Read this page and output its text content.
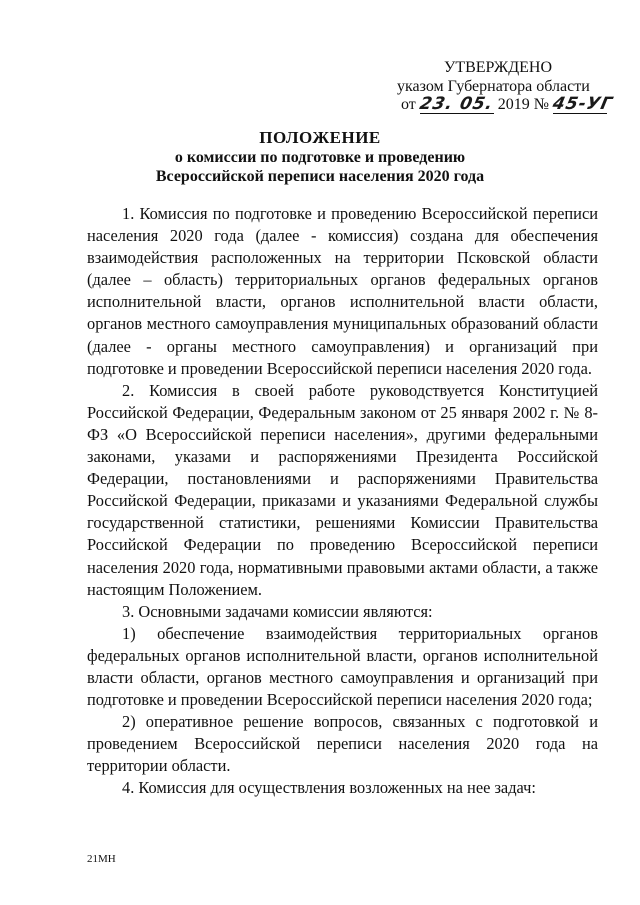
УТВЕРЖДЕНО
указом Губернатора области
от 23. 05. 2019 № 45-УГ
ПОЛОЖЕНИЕ
о комиссии по подготовке и проведению
Всероссийской переписи населения 2020 года

1. Комиссия по подготовке и проведению Всероссийской переписи населения 2020 года (далее - комиссия) создана для обеспечения взаимодействия расположенных на территории Псковской области (далее – область) территориальных органов федеральных органов исполнительной власти, органов исполнительной власти области, органов местного самоуправления муниципальных образований области (далее - органы местного самоуправления) и организаций при подготовке и проведении Всероссийской переписи населения 2020 года.

2. Комиссия в своей работе руководствуется Конституцией Российской Федерации, Федеральным законом от 25 января 2002 г. № 8-ФЗ «О Всероссийской переписи населения», другими федеральными законами, указами и распоряжениями Президента Российской Федерации, постановлениями и распоряжениями Правительства Российской Федерации, приказами и указаниями Федеральной службы государственной статистики, решениями Комиссии Правительства Российской Федерации по проведению Всероссийской переписи населения 2020 года, нормативными правовыми актами области, а также настоящим Положением.

3. Основными задачами комиссии являются:

1) обеспечение взаимодействия территориальных органов федеральных органов исполнительной власти, органов исполнительной власти области, органов местного самоуправления и организаций при подготовке и проведении Всероссийской переписи населения 2020 года;

2) оперативное решение вопросов, связанных с подготовкой и проведением Всероссийской переписи населения 2020 года на территории области.

4. Комиссия для осуществления возложенных на нее задач:

21МН
